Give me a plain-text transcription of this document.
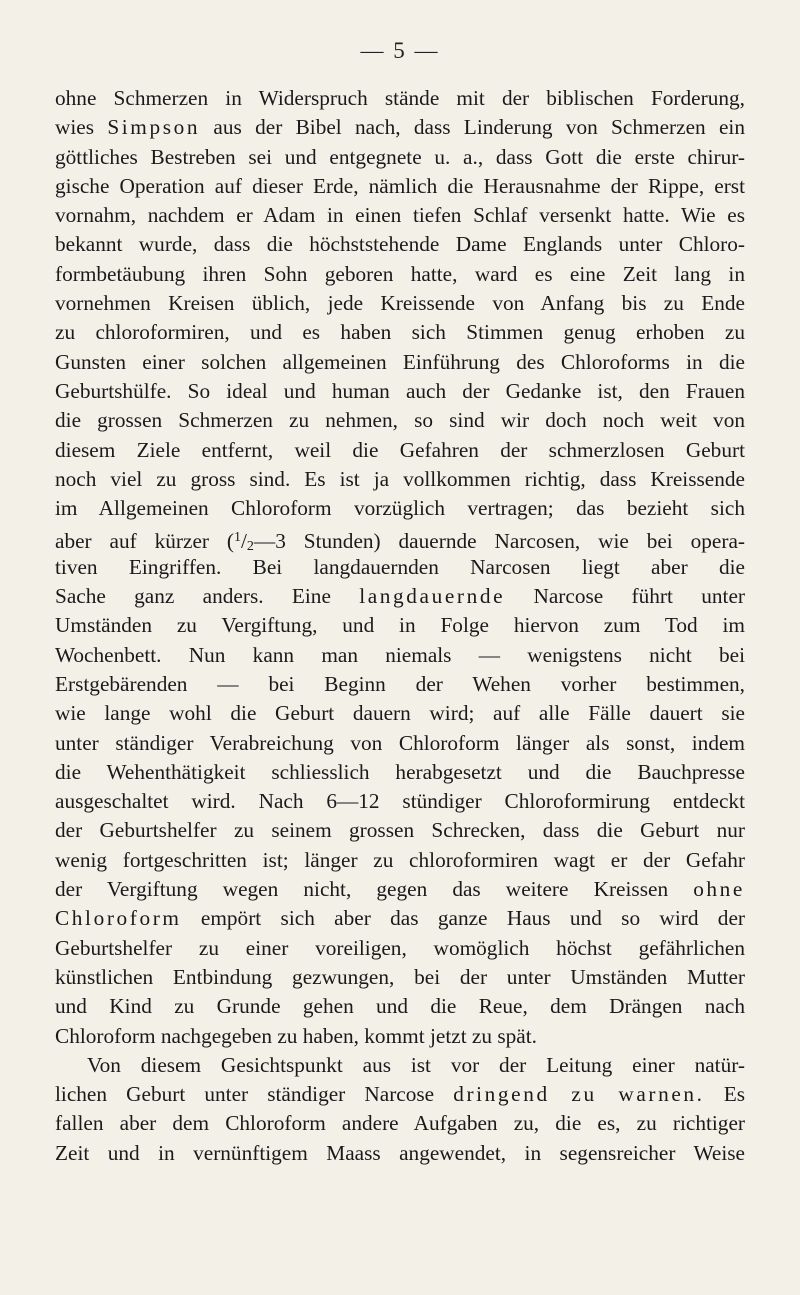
— 5 —
ohne Schmerzen in Widerspruch stände mit der biblischen Forderung,
wies Simpson aus der Bibel nach, dass Linderung von Schmerzen ein
göttliches Bestreben sei und entgegnete u. a., dass Gott die erste chirur-
gische Operation auf dieser Erde, nämlich die Herausnahme der Rippe, erst
vornahm, nachdem er Adam in einen tiefen Schlaf versenkt hatte. Wie es
bekannt wurde, dass die höchststehende Dame Englands unter Chloro-
formbetäubung ihren Sohn geboren hatte, ward es eine Zeit lang in
vornehmen Kreisen üblich, jede Kreissende von Anfang bis zu Ende
zu chloroformiren, und es haben sich Stimmen genug erhoben zu
Gunsten einer solchen allgemeinen Einführung des Chloroforms in die
Geburtshülfe. So ideal und human auch der Gedanke ist, den Frauen
die grossen Schmerzen zu nehmen, so sind wir doch noch weit von
diesem Ziele entfernt, weil die Gefahren der schmerzlosen Geburt
noch viel zu gross sind. Es ist ja vollkommen richtig, dass Kreissende
im Allgemeinen Chloroform vorzüglich vertragen; das bezieht sich
aber auf kürzer ($^1$/2—3 Stunden) dauernde Narcosen, wie bei opera-
tiven Eingriffen. Bei langdauernden Narcosen liegt aber die
Sache ganz anders. Eine langdauernde Narcose führt unter
Umständen zu Vergiftung, und in Folge hiervon zum Tod im
Wochenbett. Nun kann man niemals — wenigstens nicht bei
Erstgebärenden — bei Beginn der Wehen vorher bestimmen,
wie lange wohl die Geburt dauern wird; auf alle Fälle dauert sie
unter ständiger Verabreichung von Chloroform länger als sonst, indem
die Wehenthätigkeit schliesslich herabgesetzt und die Bauchpresse
ausgeschaltet wird. Nach 6—12 stündiger Chloroformirung entdeckt
der Geburtshelfer zu seinem grossen Schrecken, dass die Geburt nur
wenig fortgeschritten ist; länger zu chloroformiren wagt er der Gefahr
der Vergiftung wegen nicht, gegen das weitere Kreissen ohne
Chloroform empört sich aber das ganze Haus und so wird der
Geburtshelfer zu einer voreiligen, womöglich höchst gefährlichen
künstlichen Entbindung gezwungen, bei der unter Umständen Mutter
und Kind zu Grunde gehen und die Reue, dem Drängen nach
Chloroform nachgegeben zu haben, kommt jetzt zu spät.
Von diesem Gesichtspunkt aus ist vor der Leitung einer natür-
lichen Geburt unter ständiger Narcose dringend zu warnen. Es
fallen aber dem Chloroform andere Aufgaben zu, die es, zu richtiger
Zeit und in vernünftigem Maass angewendet, in segensreicher Weise
